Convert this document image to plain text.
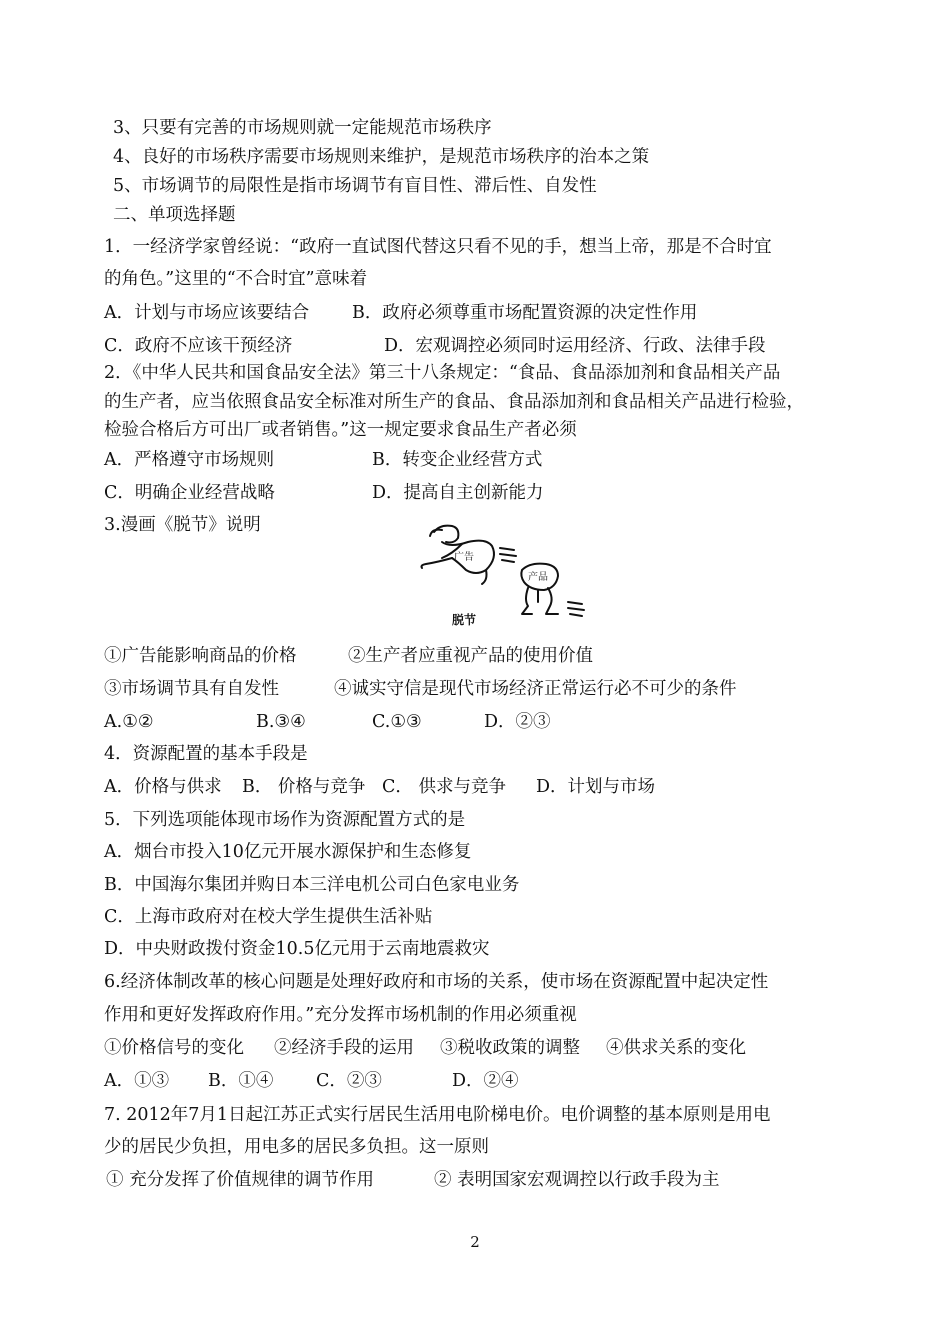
3、只要有完善的市场规则就一定能规范市场秩序
4、良好的市场秩序需要市场规则来维护，是规范市场秩序的治本之策
5、市场调节的局限性是指市场调节有盲目性、滞后性、自发性
二、单项选择题
1．一经济学家曾经说：“政府一直试图代替这只看不见的手，想当上帝，那是不合时宜
的角色。”这里的“不合时宜”意味着
A．计划与市场应该要结合 B．政府必须尊重市场配置资源的决定性作用
C．政府不应该干预经济	D．宏观调控必须同时运用经济、行政、法律手段
2．《中华人民共和国食品安全法》第三十八条规定：“食品、食品添加剂和食品相关产品
的生产者，应当依照食品安全标准对所生产的食品、食品添加剂和食品相关产品进行检验，
检验合格后方可出厂或者销售。”这一规定要求食品生产者必须
A．严格遵守市场规则	B．转变企业经营方式
C．明确企业经营战略	D．提高自主创新能力
3.漫画《脱节》说明
广告
产品
脱节
①广告能影响商品的价格	②生产者应重视产品的使用价值
③市场调节具有自发性	④诚实守信是现代市场经济正常运行必不可少的条件
A.①②	B.③④	C.①③	D．②③
4．资源配置的基本手段是
A．价格与供求 B． 价格与竞争 C． 供求与竞争 D．计划与市场
5．下列选项能体现市场作为资源配置方式的是
A．烟台市投入10亿元开展水源保护和生态修复
B．中国海尔集团并购日本三洋电机公司白色家电业务
C．上海市政府对在校大学生提供生活补贴
D．中央财政拨付资金10.5亿元用于云南地震救灾
6.经济体制改革的核心问题是处理好政府和市场的关系，使市场在资源配置中起决定性
作用和更好发挥政府作用。”充分发挥市场机制的作用必须重视
①价格信号的变化 ②经济手段的运用 ③税收政策的调整 ④供求关系的变化
A．①③ B．①④ C．②③	D．②④
7. 2012年7月1日起江苏正式实行居民生活用电阶梯电价。电价调整的基本原则是用电
少的居民少负担，用电多的居民多负担。这一原则
① 充分发挥了价值规律的调节作用	② 表明国家宏观调控以行政手段为主
2
